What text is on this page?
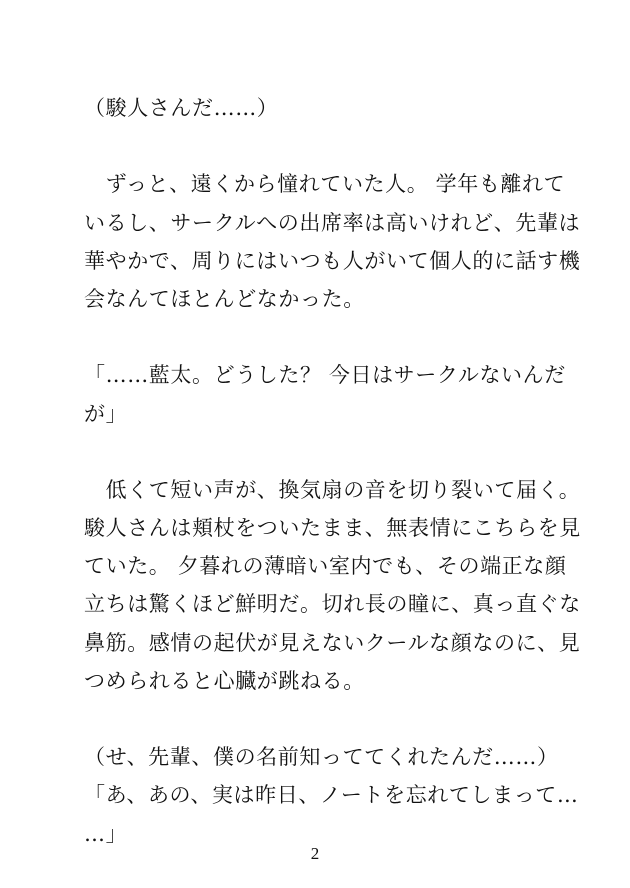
（駿人さんだ……）
　ずっと、遠くから憧れていた人。 学年も離れて
いるし、サークルへの出席率は高いけれど、先輩は
華やかで、周りにはいつも人がいて個人的に話す機
会なんてほとんどなかった。
「……藍太。どうした？ 今日はサークルないんだ
が」
　低くて短い声が、換気扇の音を切り裂いて届く。
駿人さんは頬杖をついたまま、無表情にこちらを見
ていた。 夕暮れの薄暗い室内でも、その端正な顔
立ちは驚くほど鮮明だ。切れ長の瞳に、真っ直ぐな
鼻筋。感情の起伏が見えないクールな顔なのに、見
つめられると心臓が跳ねる。
（せ、先輩、僕の名前知っててくれたんだ……）
「あ、あの、実は昨日、ノートを忘れてしまって…
…」
2
